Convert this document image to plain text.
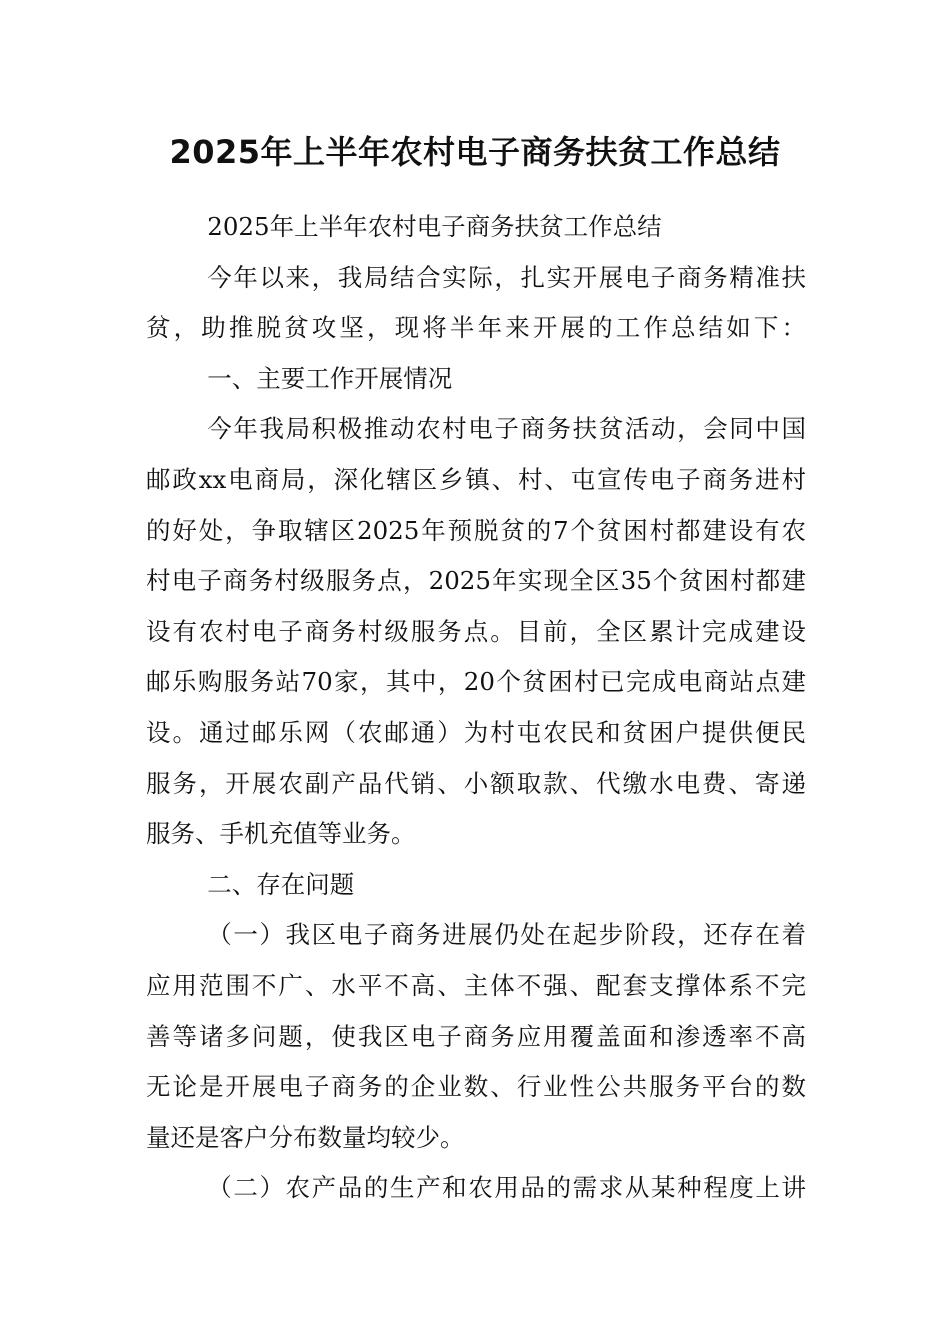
2025年上半年农村电子商务扶贫工作总结

2025年上半年农村电子商务扶贫工作总结

今年以来，我局结合实际，扎实开展电子商务精准扶
贫，助推脱贫攻坚，现将半年来开展的工作总结如下：

一、主要工作开展情况

今年我局积极推动农村电子商务扶贫活动，会同中国
邮政xx电商局，深化辖区乡镇、村、屯宣传电子商务进村
的好处，争取辖区2025年预脱贫的7个贫困村都建设有农
村电子商务村级服务点，2025年实现全区35个贫困村都建
设有农村电子商务村级服务点。目前，全区累计完成建设
邮乐购服务站70家，其中，20个贫困村已完成电商站点建
设。通过邮乐网（农邮通）为村屯农民和贫困户提供便民
服务，开展农副产品代销、小额取款、代缴水电费、寄递
服务、手机充值等业务。

二、存在问题

（一）我区电子商务进展仍处在起步阶段，还存在着
应用范围不广、水平不高、主体不强、配套支撑体系不完
善等诸多问题，使我区电子商务应用覆盖面和渗透率不高
无论是开展电子商务的企业数、行业性公共服务平台的数
量还是客户分布数量均较少。

（二）农产品的生产和农用品的需求从某种程度上讲
